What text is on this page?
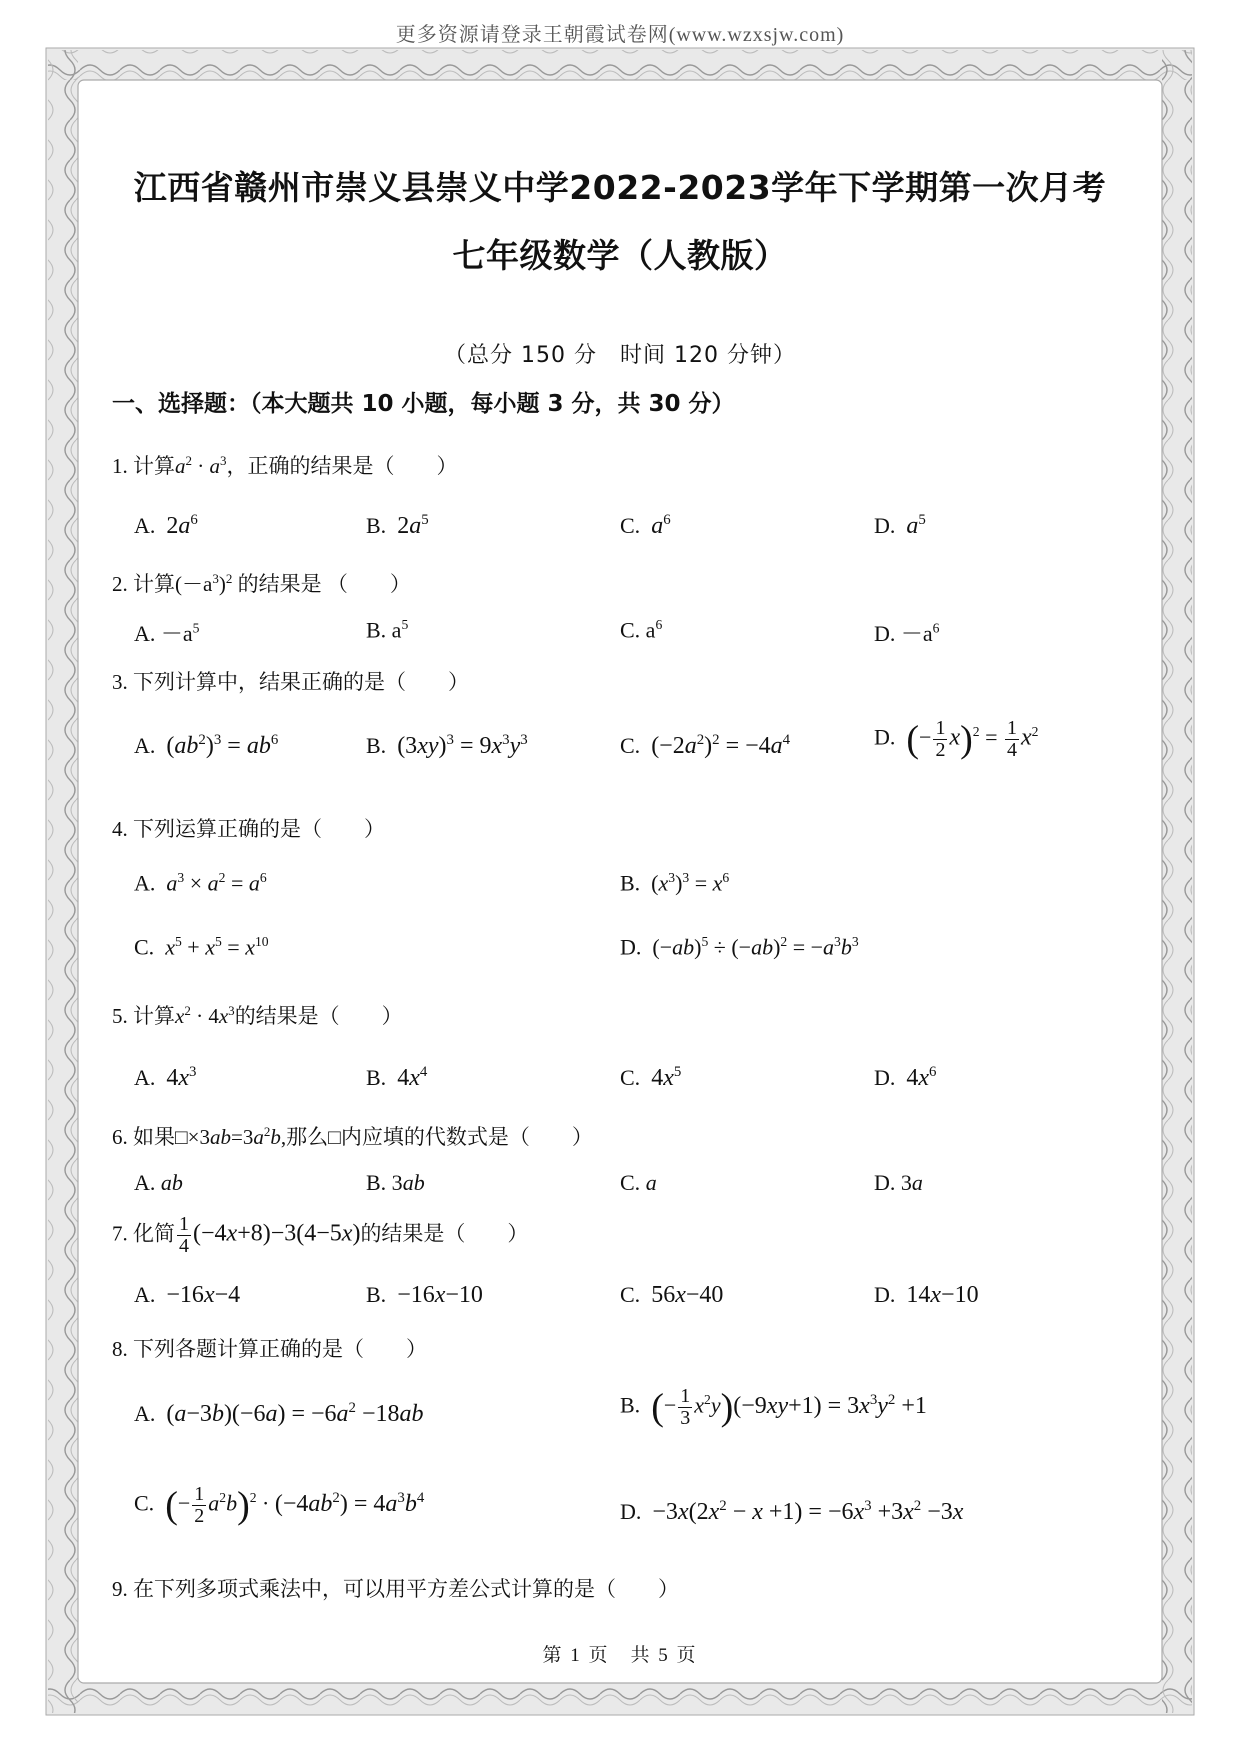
更多资源请登录王朝霞试卷网(www.wzxsjw.com)
江西省赣州市崇义县崇义中学2022-2023学年下学期第一次月考
七年级数学（人教版）
（总分 150 分　时间 120 分钟）
一、选择题：（本大题共 10 小题，每小题 3 分，共 30 分）
1. 计算$a^2 \cdot a^3$，正确的结果是（　　）
A.  $2a^6$	B.  $2a^5$	C.  $a^6$	D.  $a^5$
2. 计算$(-a^3)^2$ 的结果是 （　　）
A. $-a^5$	B. $a^5$	C. $a^6$	D. $-a^6$
3. 下列计算中，结果正确的是（　　）
A.  $(ab^2)^3 = ab^6$	B.  $(3xy)^3 = 9x^3y^3$	C.  $(-2a^2)^2 = -4a^4$	D.  (− $\frac{1}{2} x)^2 = \frac{1}{4} x^2$
4. 下列运算正确的是（　　）
A.  $a^3 \times a^2 = a^6$	B.  $(x^3)^3 = x^6$
C.  $x^5 + x^5 = x^{10}$	D.  $(-ab)^5 \div (-ab)^2 = -a^3b^3$
5. 计算$x^2 \cdot 4x^3$的结果是（　　）
A.  $4x^3$	B.  $4x^4$	C.  $4x^5$	D.  $4x^6$
6. 如果$□\times 3ab=3a^2b$,那么□内应填的代数式是（　　）
A. ab	B. 3ab	C. a	D. 3a
7. 化简 $\frac{1}{4} (-4x+8)-3(4-5x)$的结果是（　　）
A.  −16x−4	B.  −16x−10	C.  56x−40	D.  14x−10
8. 下列各题计算正确的是（　　）
A.  $(a-3b)(-6a) = -6a^2 -18ab$	B.  (− $\frac{1}{3} x^2y)(-9xy+1) = 3x^3y^2 +1$
C.  (− $\frac{1}{2} a^2b)^2 \cdot (-4ab^2) = 4a^3b^4$
D.  $-3x(2x^2 - x +1) = -6x^3 +3x^2 -3x$
9. 在下列多项式乘法中，可以用平方差公式计算的是（　　）
第 1 页　共 5 页
